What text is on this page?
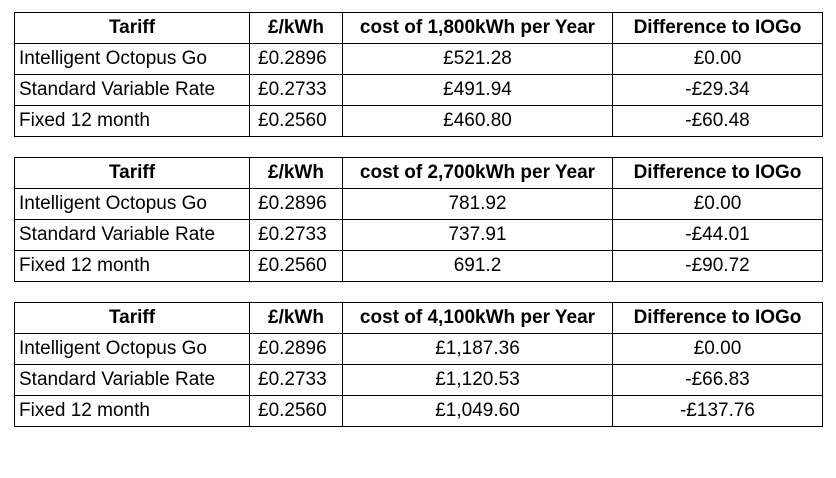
Tariff	£/kWh	cost of 1,800kWh per Year	Difference to IOGo
Intelligent Octopus Go	£0.2896	£521.28	£0.00
Standard Variable Rate	£0.2733	£491.94	-£29.34
Fixed 12 month	£0.2560	£460.80	-£60.48
Tariff	£/kWh	cost of 2,700kWh per Year	Difference to IOGo
Intelligent Octopus Go	£0.2896	781.92	£0.00
Standard Variable Rate	£0.2733	737.91	-£44.01
Fixed 12 month	£0.2560	691.2	-£90.72
Tariff	£/kWh	cost of 4,100kWh per Year	Difference to IOGo
Intelligent Octopus Go	£0.2896	£1,187.36	£0.00
Standard Variable Rate	£0.2733	£1,120.53	-£66.83
Fixed 12 month	£0.2560	£1,049.60	-£137.76
